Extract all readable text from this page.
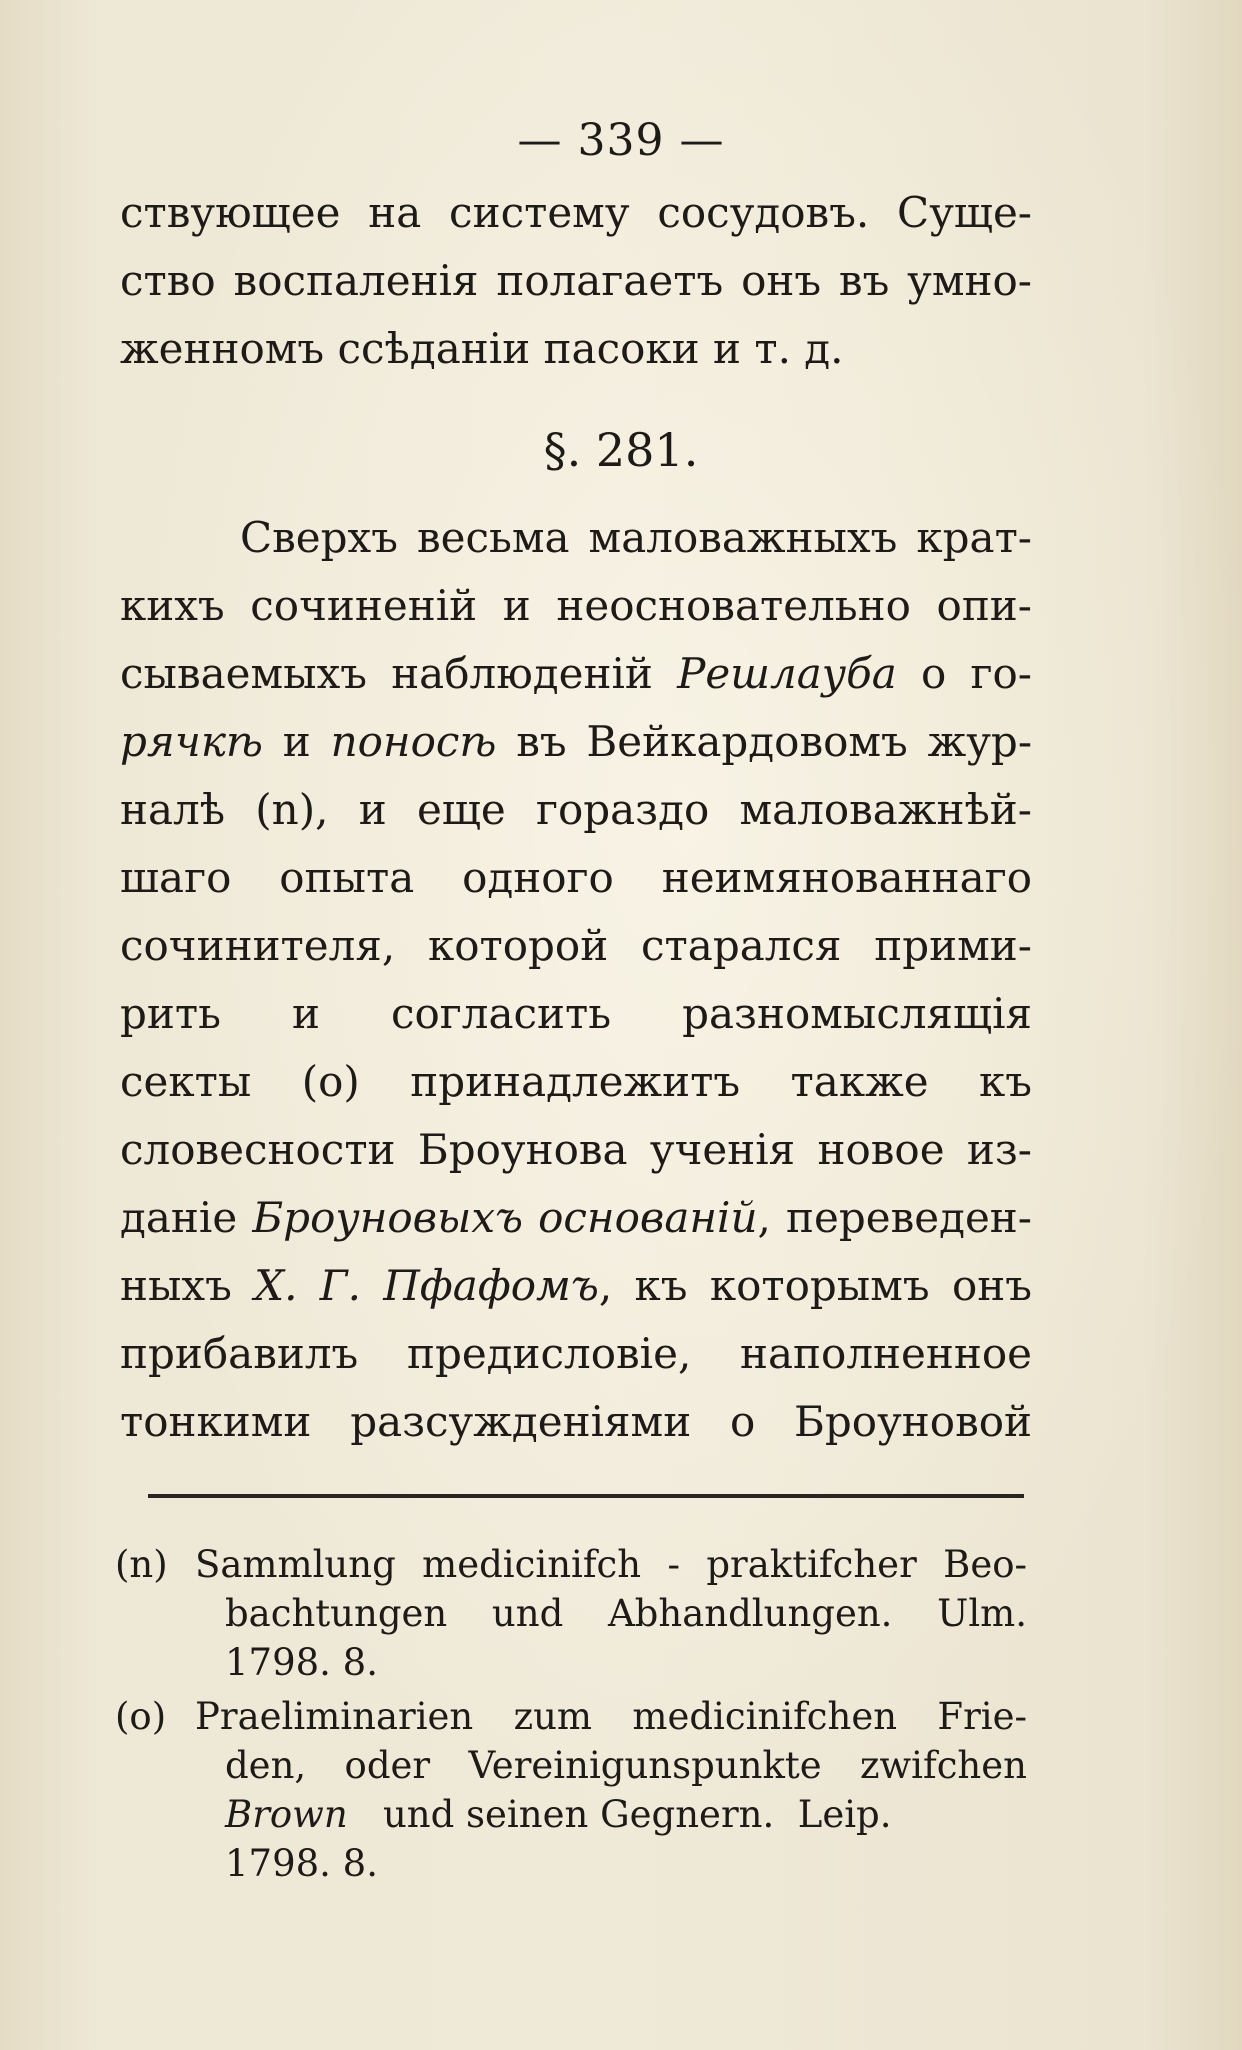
— 339 —
ствующее на систему сосудовъ. Суще-
ство воспаленія полагаетъ онъ въ умно-
женномъ ссѣданіи пасоки и т. д.
§. 281.
Сверхъ весьма маловажныхъ крат-
кихъ сочиненій и неосновательно опи-
сываемыхъ наблюденій Решлауба о го-
рячкѣ и поносѣ въ Вейкардовомъ жур-
налѣ (n), и еще гораздо маловажнѣй-
шаго опыта одного неимянованнаго
сочинителя, которой старался прими-
рить и согласить разномыслящія
секты (o) принадлежитъ также къ
словесности Броунова ученія новое из-
даніе Броуновыхъ основаній, переведен-
ныхъ Х. Г. Пфафомъ, къ которымъ онъ
прибавилъ предисловіе, наполненное
тонкими разсужденіями о Броуновой
(n) Sammlung medicinifch - praktifcher Beo-
bachtungen und Abhandlungen. Ulm.
1798. 8.
(o) Praeliminarien zum medicinifchen Frie-
den, oder Vereinigunspunkte zwifchen
Brown   und seinen Gegnern.  Leip.
1798. 8.
